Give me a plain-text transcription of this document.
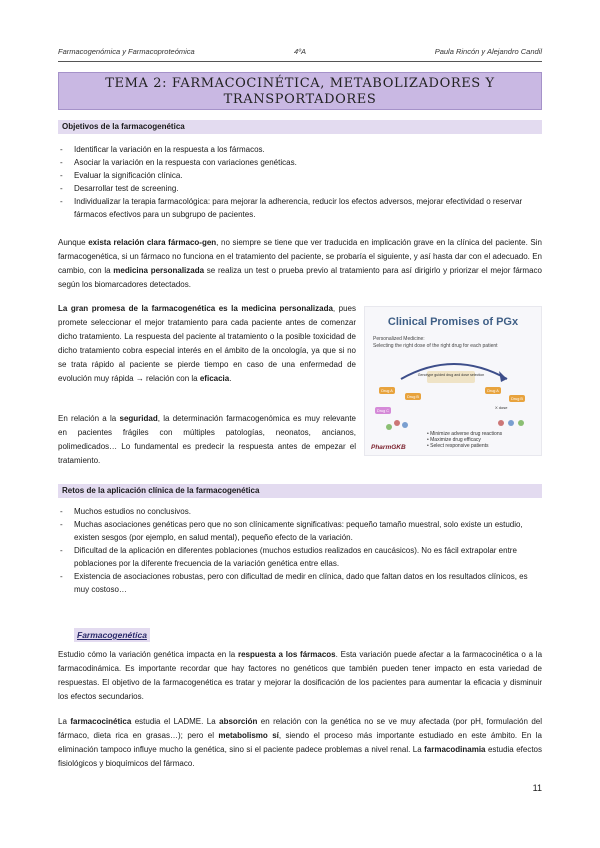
Farmacogenómica y Farmacoproteómica	4ºA	Paula Rincón y Alejandro Candil
TEMA 2: FARMACOCINÉTICA, METABOLIZADORES Y
TRANSPORTADORES
Objetivos de la farmacogenética
- Identificar la variación en la respuesta a los fármacos.
- Asociar la variación en la respuesta con variaciones genéticas.
- Evaluar la significación clínica.
- Desarrollar test de screening.
- Individualizar la terapia farmacológica: para mejorar la adherencia, reducir los efectos adversos, mejorar efectividad o reservar fármacos efectivos para un subgrupo de pacientes.

Aunque exista relación clara fármaco-gen, no siempre se tiene que ver traducida en implicación grave en la clínica del paciente. Sin farmacogenética, si un fármaco no funciona en el tratamiento del paciente, se probaría el siguiente, y así hasta dar con el adecuado. En cambio, con la medicina personalizada se realiza un test o prueba previo al tratamiento para así dirigirlo y priorizar el mejor fármaco según los biomarcadores detectados.

La gran promesa de la farmacogenética es la medicina personalizada, pues promete seleccionar el mejor tratamiento para cada paciente antes de comenzar dicho tratamiento. La respuesta del paciente al tratamiento o la posible toxicidad de dicho tratamiento cobra especial interés en el ámbito de la oncología, ya que si no se trata rápido al paciente se pierde tiempo en caso de una enfermedad de evolución muy rápida → relación con la eficacia.

En relación a la seguridad, la determinación farmacogenómica es muy relevante en pacientes frágiles con múltiples patologías, neonatos, ancianos, polimedicados… Lo fundamental es predecir la respuesta antes de empezar el tratamiento.

Clinical Promises of PGx
Personalized Medicine:
Selecting the right dose of the right drug for each patient
Genotype guided drug and dose selection
Drug A
Drug B
Drug C
Drug A
Drug B
X dose
• Minimize adverse drug reactions
• Maximize drug efficacy
• Select responsive patients
PharmGKB
Retos de la aplicación clínica de la farmacogenética
- Muchos estudios no conclusivos.
- Muchas asociaciones genéticas pero que no son clínicamente significativas: pequeño tamaño muestral, solo existe un estudio, existen sesgos (por ejemplo, en salud mental), pequeño efecto de la variación.
- Dificultad de la aplicación en diferentes poblaciones (muchos estudios realizados en caucásicos). No es fácil extrapolar entre poblaciones por la diferente frecuencia de la variación genética entre ellas.
- Existencia de asociaciones robustas, pero con dificultad de medir en clínica, dado que faltan datos en los resultados clínicos, es muy costoso…
Farmacogenética

Estudio cómo la variación genética impacta en la respuesta a los fármacos. Esta variación puede afectar a la farmacocinética o a la farmacodinámica. Es importante recordar que hay factores no genéticos que también pueden tener impacto en esta variedad de respuestas. El objetivo de la farmacogenética es tratar y mejorar la dosificación de los pacientes para aumentar la eficacia y disminuir los efectos secundarios.

La farmacocinética estudia el LADME. La absorción en relación con la genética no se ve muy afectada (por pH, formulación del fármaco, dieta rica en grasas…); pero el metabolismo sí, siendo el proceso más importante estudiado en este ámbito. En la eliminación tampoco influye mucho la genética, sino si el paciente padece problemas a nivel renal. La farmacodinamia estudia efectos fisiológicos y bioquímicos del fármaco.

11
